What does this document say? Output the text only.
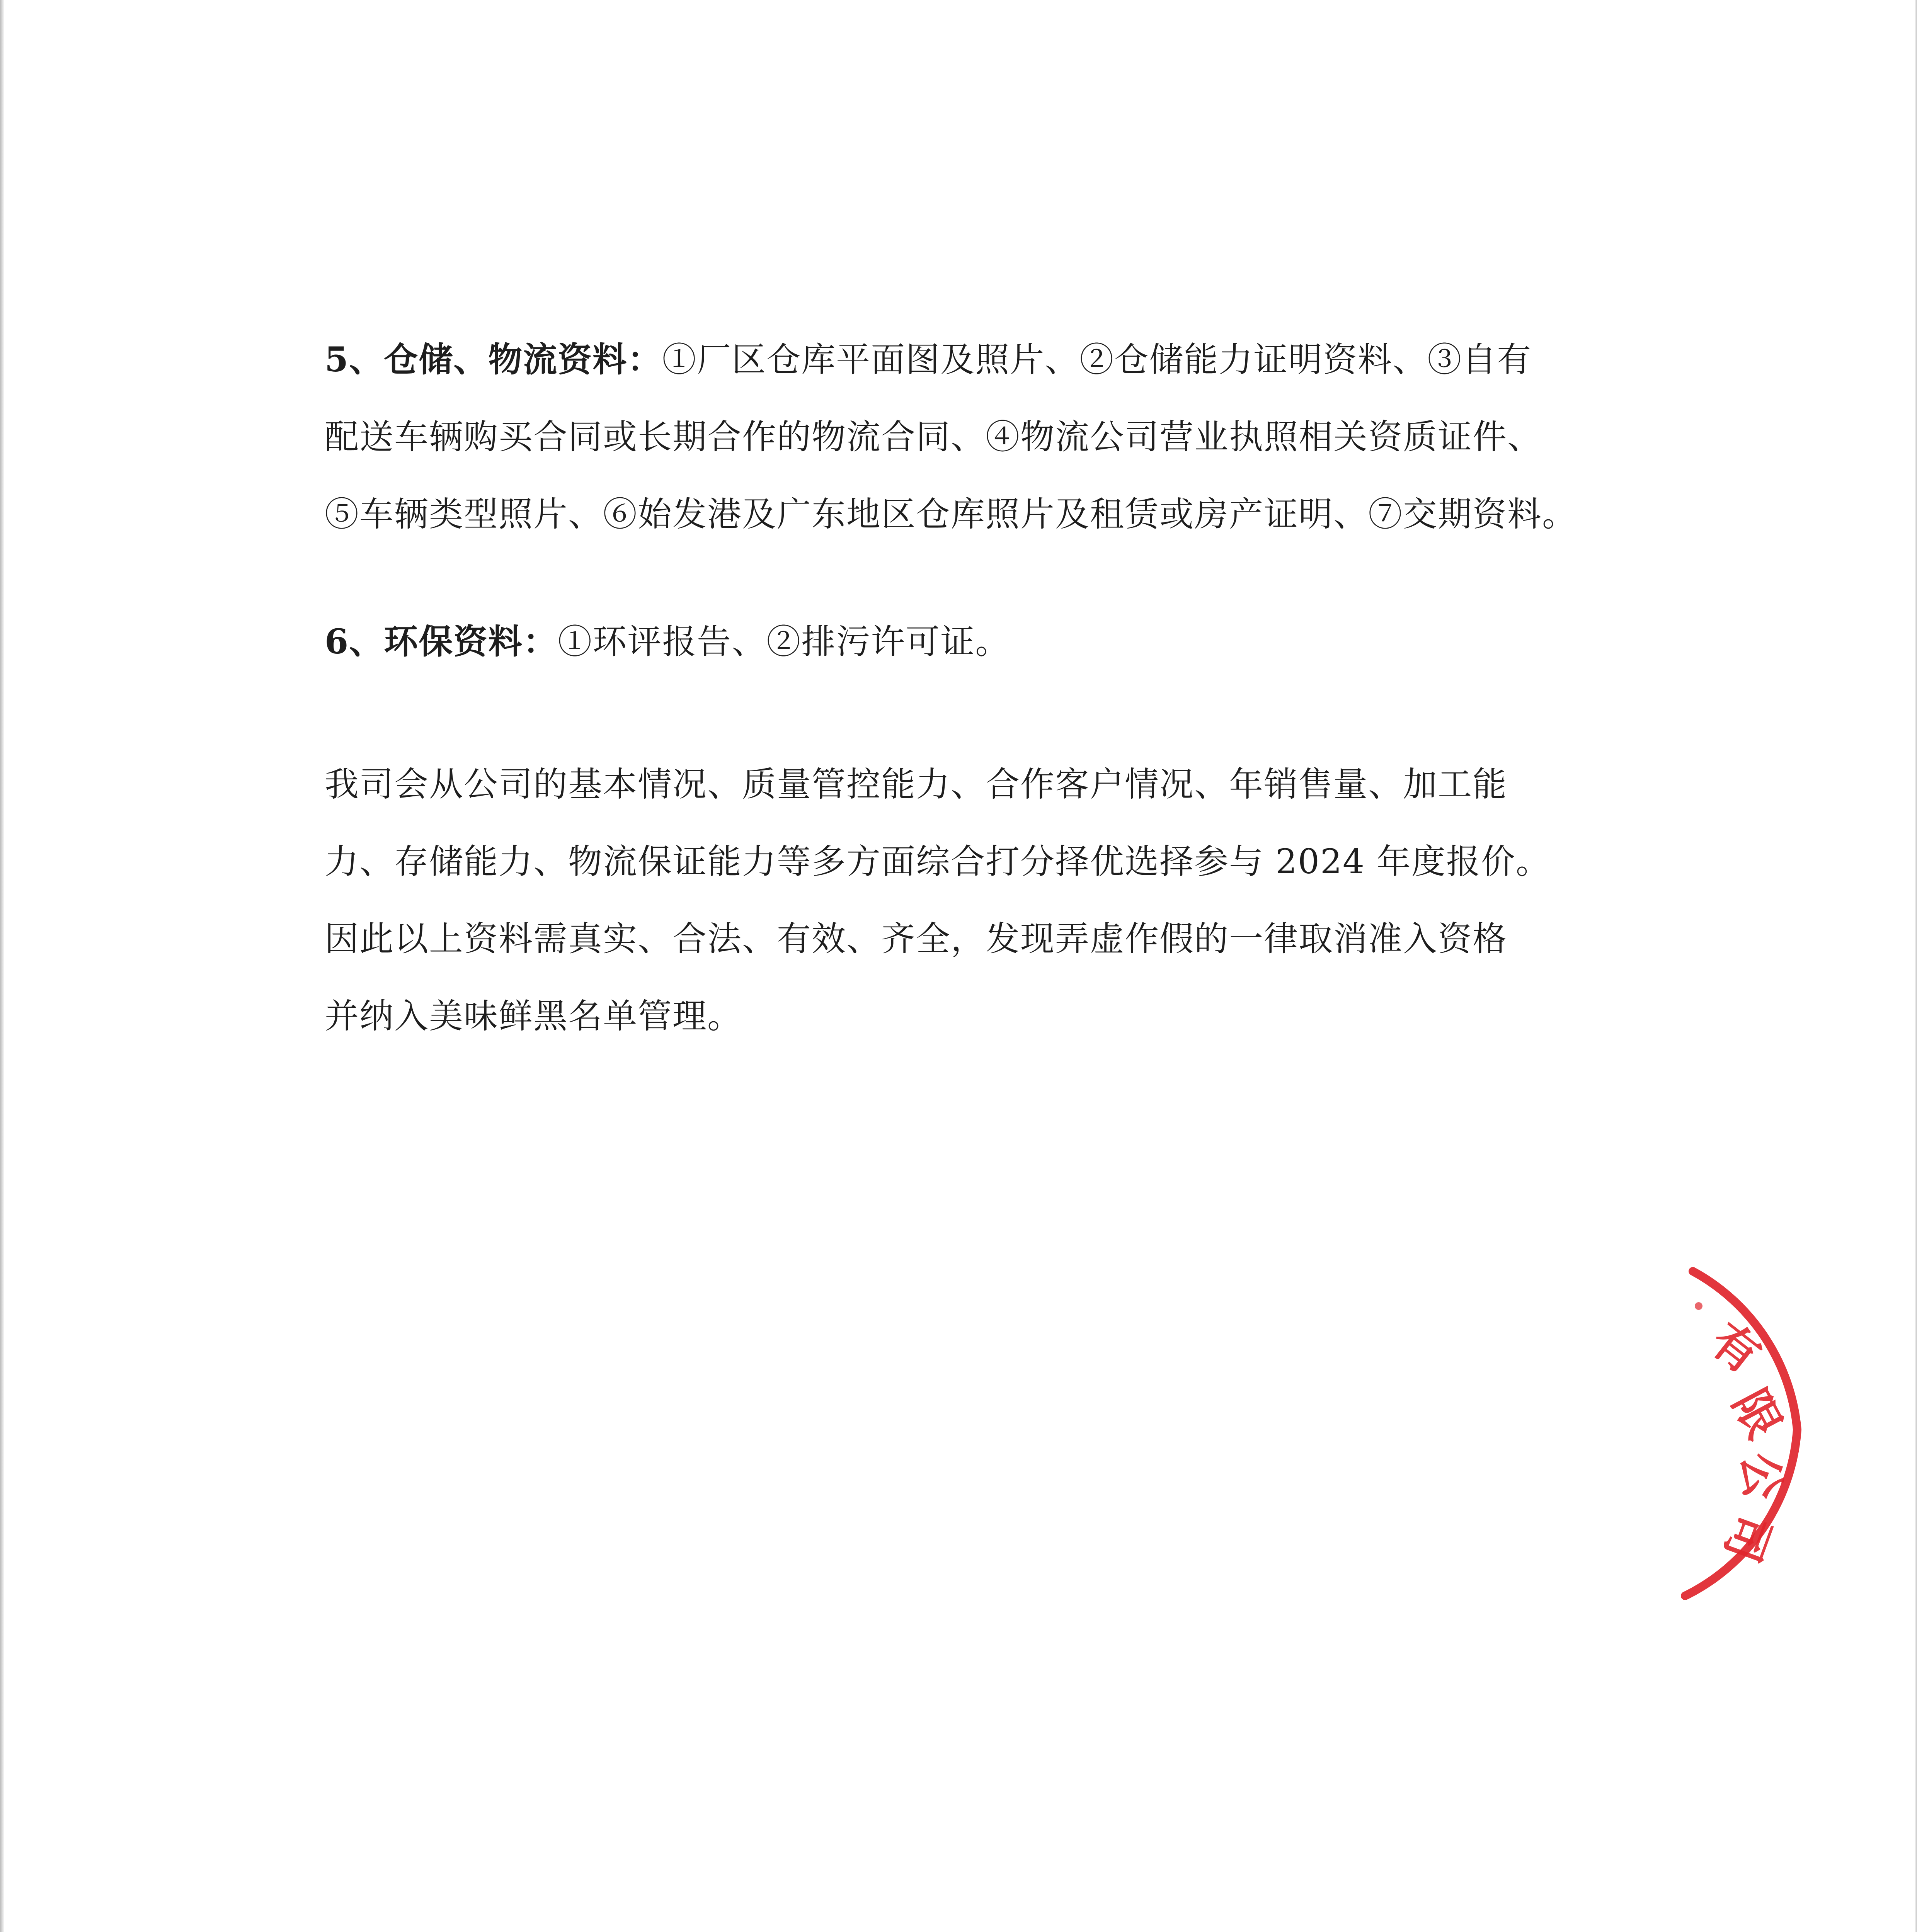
5、仓储、物流资料：①厂区仓库平面图及照片、②仓储能力证明资料、③自有
配送车辆购买合同或长期合作的物流合同、④物流公司营业执照相关资质证件、
⑤车辆类型照片、⑥始发港及广东地区仓库照片及租赁或房产证明、⑦交期资料。
6、环保资料：①环评报告、②排污许可证。
我司会从公司的基本情况、质量管控能力、合作客户情况、年销售量、加工能
力、存储能力、物流保证能力等多方面综合打分择优选择参与 2024 年度报价。
因此以上资料需真实、合法、有效、齐全，发现弄虚作假的一律取消准入资格
并纳入美味鲜黑名单管理。
有
限
公
司
